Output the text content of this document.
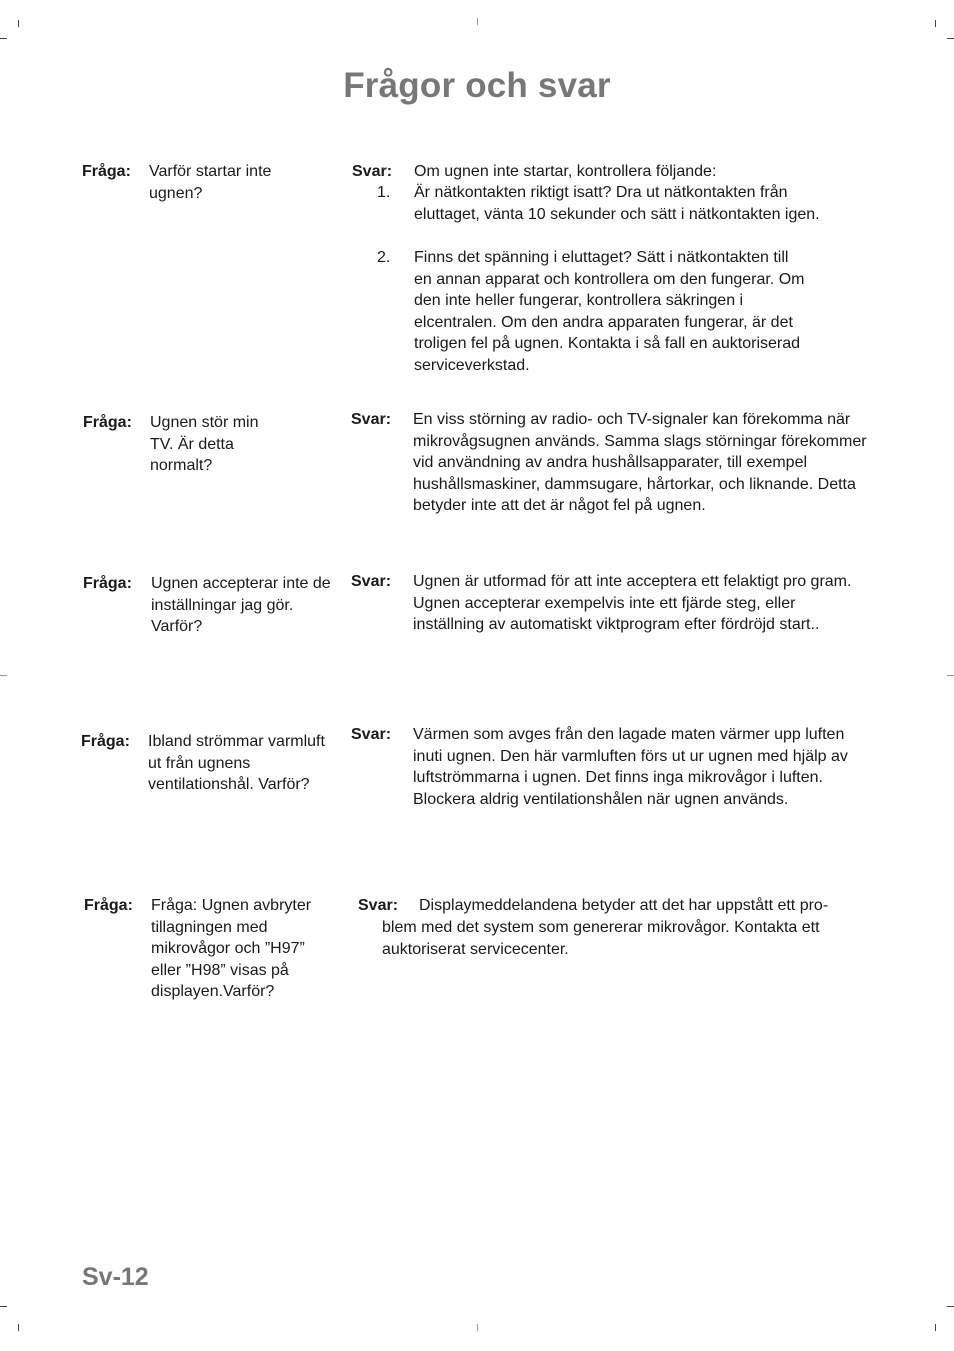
Frågor och svar
Fråga: Varför startar inte ugnen?
Svar: Om ugnen inte startar, kontrollera följande:
1. Är nätkontakten riktigt isatt? Dra ut nätkontakten från eluttaget, vänta 10 sekunder och sätt i nätkontakten igen.
2. Finns det spänning i eluttaget? Sätt i nätkontakten till en annan apparat och kontrollera om den fungerar. Om den inte heller fungerar, kontrollera säkringen i elcentralen. Om den andra apparaten fungerar, är det troligen fel på ugnen. Kontakta i så fall en auktoriserad serviceverkstad.
Fråga: Ugnen stör min TV. Är detta normalt?
Svar: En viss störning av radio- och TV-signaler kan förekomma när mikrovågsugnen används. Samma slags störningar förekommer vid användning av andra hushållsapparater, till exempel hushållsmaskiner, dammsugare, hårtorkar, och liknande. Detta betyder inte att det är något fel på ugnen.
Fråga: Ugnen accepterar inte de inställningar jag gör. Varför?
Svar: Ugnen är utformad för att inte acceptera ett felaktigt pro gram. Ugnen accepterar exempelvis inte ett fjärde steg, eller inställning av automatiskt viktprogram efter fördröjd start..
Fråga: Ibland strömmar varmluft ut från ugnens ventilationshål. Varför?
Svar: Värmen som avges från den lagade maten värmer upp luften inuti ugnen. Den här varmluften förs ut ur ugnen med hjälp av luftströmmarna i ugnen. Det finns inga mikrovågor i luften. Blockera aldrig ventilationshålen när ugnen används.
Fråga: Fråga: Ugnen avbryter tillagningen med mikrovågor och ”H97” eller ”H98” visas på displayen.Varför?
Svar: Displaymeddelandena betyder att det har uppstått ett pro-
blem med det system som genererar mikrovågor. Kontakta ett auktoriserat servicecenter.
Sv-12
